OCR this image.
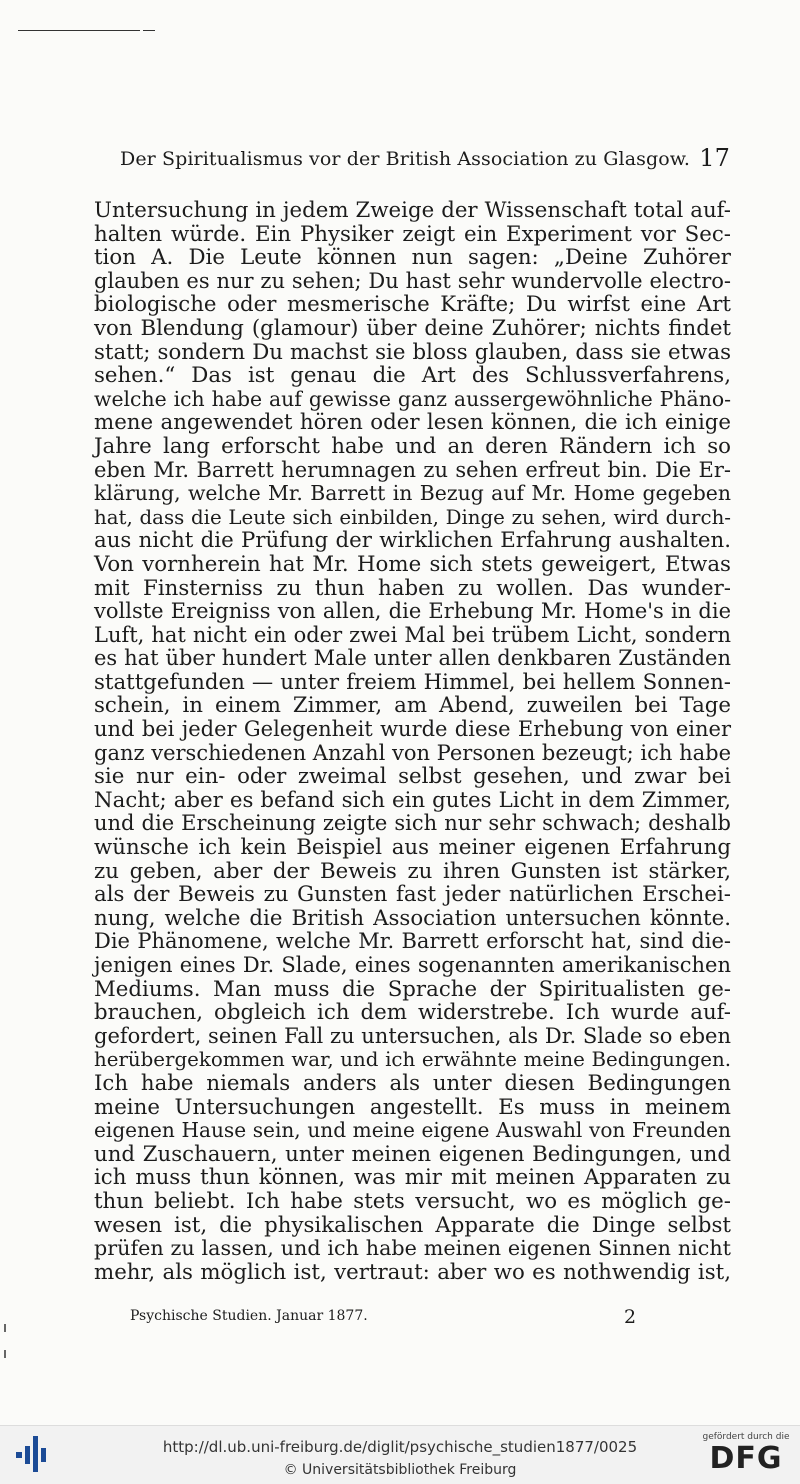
Der Spiritualismus vor der British Association zu Glasgow. 17
Untersuchung in jedem Zweige der Wissenschaft total auf-
halten würde. Ein Physiker zeigt ein Experiment vor Sec-
tion A. Die Leute können nun sagen: „Deine Zuhörer
glauben es nur zu sehen; Du hast sehr wundervolle electro-
biologische oder mesmerische Kräfte; Du wirfst eine Art
von Blendung (glamour) über deine Zuhörer; nichts findet
statt; sondern Du machst sie bloss glauben, dass sie etwas
sehen.“ Das ist genau die Art des Schlussverfahrens,
welche ich habe auf gewisse ganz aussergewöhnliche Phäno-
mene angewendet hören oder lesen können, die ich einige
Jahre lang erforscht habe und an deren Rändern ich so
eben Mr. Barrett herumnagen zu sehen erfreut bin. Die Er-
klärung, welche Mr. Barrett in Bezug auf Mr. Home gegeben
hat, dass die Leute sich einbilden, Dinge zu sehen, wird durch-
aus nicht die Prüfung der wirklichen Erfahrung aushalten.
Von vornherein hat Mr. Home sich stets geweigert, Etwas
mit Finsterniss zu thun haben zu wollen. Das wunder-
vollste Ereigniss von allen, die Erhebung Mr. Home's in die
Luft, hat nicht ein oder zwei Mal bei trübem Licht, sondern
es hat über hundert Male unter allen denkbaren Zuständen
stattgefunden — unter freiem Himmel, bei hellem Sonnen-
schein, in einem Zimmer, am Abend, zuweilen bei Tage
und bei jeder Gelegenheit wurde diese Erhebung von einer
ganz verschiedenen Anzahl von Personen bezeugt; ich habe
sie nur ein- oder zweimal selbst gesehen, und zwar bei
Nacht; aber es befand sich ein gutes Licht in dem Zimmer,
und die Erscheinung zeigte sich nur sehr schwach; deshalb
wünsche ich kein Beispiel aus meiner eigenen Erfahrung
zu geben, aber der Beweis zu ihren Gunsten ist stärker,
als der Beweis zu Gunsten fast jeder natürlichen Erschei-
nung, welche die British Association untersuchen könnte.
Die Phänomene, welche Mr. Barrett erforscht hat, sind die-
jenigen eines Dr. Slade, eines sogenannten amerikanischen
Mediums. Man muss die Sprache der Spiritualisten ge-
brauchen, obgleich ich dem widerstrebe. Ich wurde auf-
gefordert, seinen Fall zu untersuchen, als Dr. Slade so eben
herübergekommen war, und ich erwähnte meine Bedingungen.
Ich habe niemals anders als unter diesen Bedingungen
meine Untersuchungen angestellt. Es muss in meinem
eigenen Hause sein, und meine eigene Auswahl von Freunden
und Zuschauern, unter meinen eigenen Bedingungen, und
ich muss thun können, was mir mit meinen Apparaten zu
thun beliebt. Ich habe stets versucht, wo es möglich ge-
wesen ist, die physikalischen Apparate die Dinge selbst
prüfen zu lassen, und ich habe meinen eigenen Sinnen nicht
mehr, als möglich ist, vertraut: aber wo es nothwendig ist,
Psychische Studien. Januar 1877.	2
http://dl.ub.uni-freiburg.de/diglit/psychische_studien1877/0025
© Universitätsbibliothek Freiburg
gefördert durch die
DFG
